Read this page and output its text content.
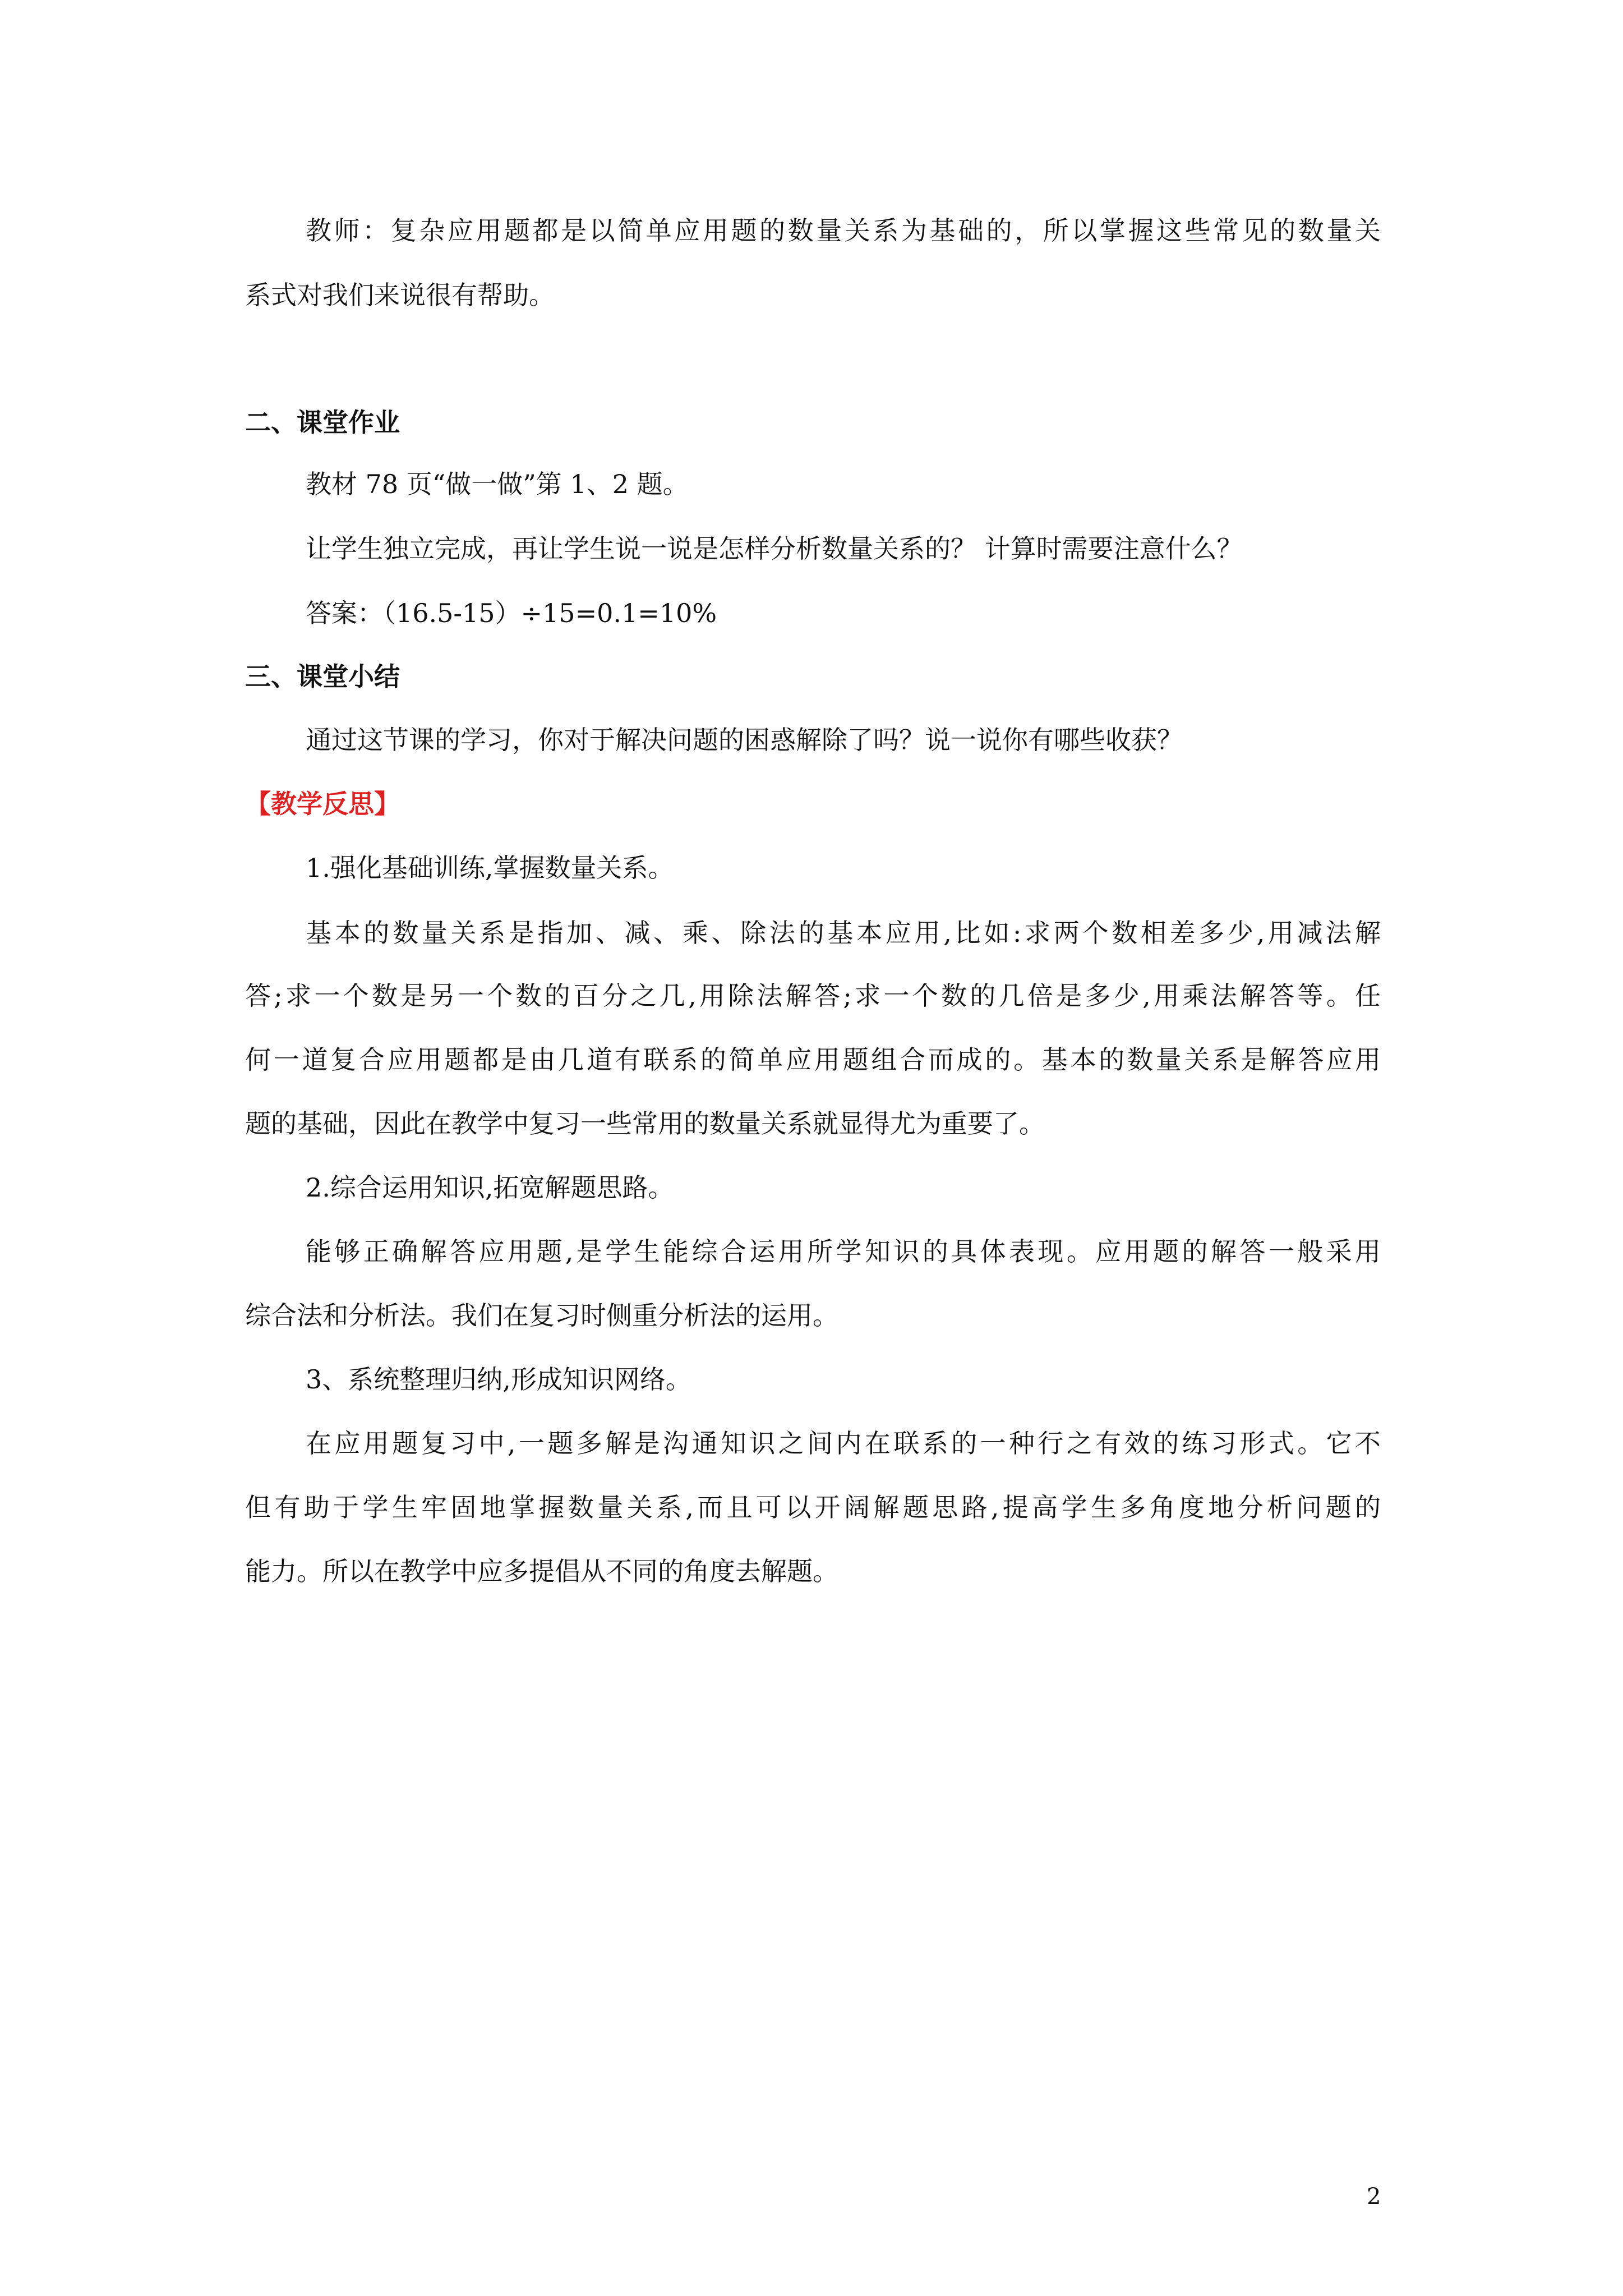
教师：复杂应用题都是以简单应用题的数量关系为基础的，所以掌握这些常见的数量关
系式对我们来说很有帮助。
二、课堂作业
教材 78 页“做一做”第 1、2 题。
让学生独立完成，再让学生说一说是怎样分析数量关系的？ 计算时需要注意什么？
答案：（16.5-15）÷15=0.1=10%
三、课堂小结
通过这节课的学习，你对于解决问题的困惑解除了吗？说一说你有哪些收获？
【教学反思】
1.强化基础训练,掌握数量关系。
基本的数量关系是指加、减、乘、除法的基本应用,比如:求两个数相差多少,用减法解
答;求一个数是另一个数的百分之几,用除法解答;求一个数的几倍是多少,用乘法解答等。任
何一道复合应用题都是由几道有联系的简单应用题组合而成的。基本的数量关系是解答应用
题的基础，因此在教学中复习一些常用的数量关系就显得尤为重要了。
2.综合运用知识,拓宽解题思路。
能够正确解答应用题,是学生能综合运用所学知识的具体表现。应用题的解答一般采用
综合法和分析法。我们在复习时侧重分析法的运用。
3、系统整理归纳,形成知识网络。
在应用题复习中,一题多解是沟通知识之间内在联系的一种行之有效的练习形式。它不
但有助于学生牢固地掌握数量关系,而且可以开阔解题思路,提高学生多角度地分析问题的
能力。所以在教学中应多提倡从不同的角度去解题。
2
